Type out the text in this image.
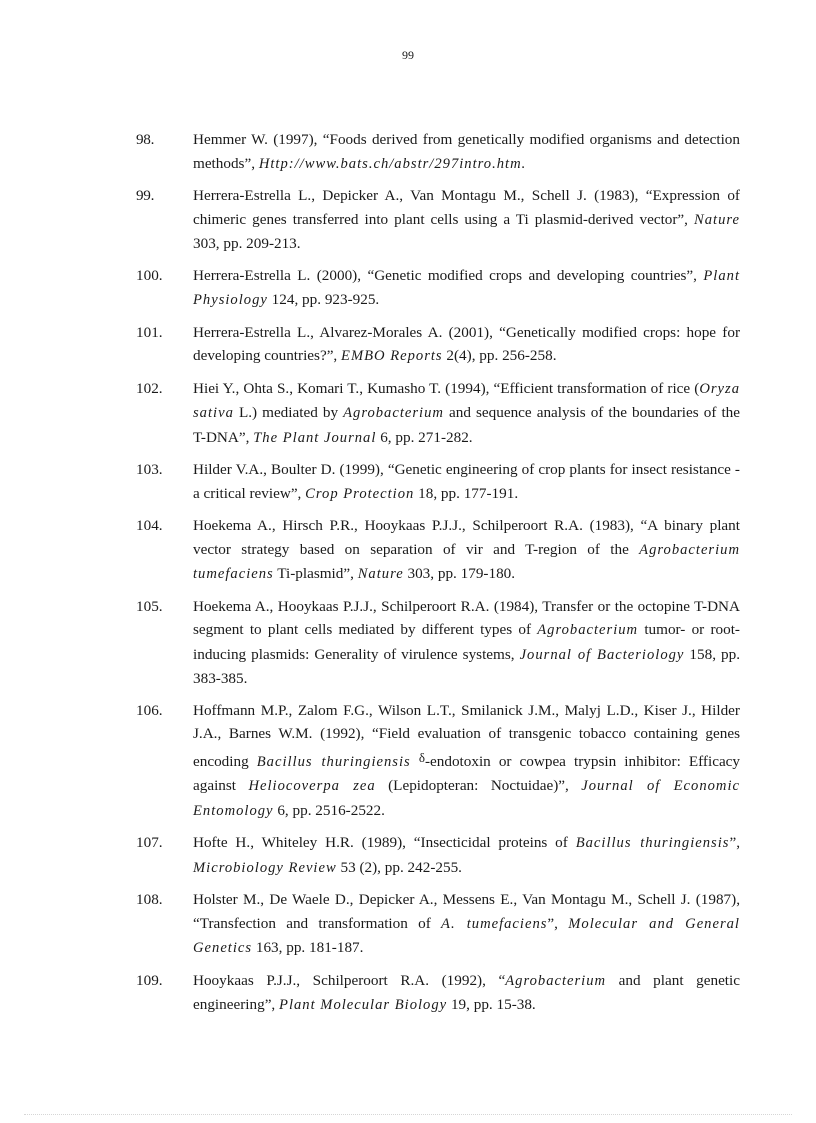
99

98.	Hemmer W. (1997), “Foods derived from genetically modified organisms and detection methods”, Http://www.bats.ch/abstr/297intro.htm.

99.	Herrera-Estrella L., Depicker A., Van Montagu M., Schell J. (1983), “Expression of chimeric genes transferred into plant cells using a Ti plasmid-derived vector”, Nature 303, pp. 209-213.

100. Herrera-Estrella L. (2000), “Genetic modified crops and developing countries”, Plant Physiology 124, pp. 923-925.

101. Herrera-Estrella L., Alvarez-Morales A. (2001), “Genetically modified crops: hope for developing countries?”, EMBO Reports 2(4), pp. 256-258.

102. Hiei Y., Ohta S., Komari T., Kumasho T. (1994), “Efficient transformation of rice (Oryza sativa L.) mediated by Agrobacterium and sequence analysis of the boundaries of the T-DNA”, The Plant Journal 6, pp. 271-282.

103. Hilder V.A., Boulter D. (1999), “Genetic engineering of crop plants for insect resistance - a critical review”, Crop Protection 18, pp. 177-191.

104. Hoekema A., Hirsch P.R., Hooykaas P.J.J., Schilperoort R.A. (1983), “A binary plant vector strategy based on separation of vir and T-region of the Agrobacterium tumefaciens Ti-plasmid”, Nature 303, pp. 179-180.

105. Hoekema A., Hooykaas P.J.J., Schilperoort R.A. (1984), Transfer or the octopine T-DNA segment to plant cells mediated by different types of Agrobacterium tumor- or root-inducing plasmids: Generality of virulence systems, Journal of Bacteriology 158, pp. 383-385.

106. Hoffmann M.P., Zalom F.G., Wilson L.T., Smilanick J.M., Malyj L.D., Kiser J., Hilder J.A., Barnes W.M. (1992), “Field evaluation of transgenic tobacco containing genes encoding Bacillus thuringiensis δ-endotoxin or cowpea trypsin inhibitor: Efficacy against Heliocoverpa zea (Lepidopteran: Noctuidae)”, Journal of Economic Entomology 6, pp. 2516-2522.

107. Hofte H., Whiteley H.R. (1989), “Insecticidal proteins of Bacillus thuringiensis”, Microbiology Review 53 (2), pp. 242-255.

108. Holster M., De Waele D., Depicker A., Messens E., Van Montagu M., Schell J. (1987), “Transfection and transformation of A. tumefaciens”, Molecular and General Genetics 163, pp. 181-187.

109. Hooykaas P.J.J., Schilperoort R.A. (1992), “Agrobacterium and plant genetic engineering”, Plant Molecular Biology 19, pp. 15-38.
